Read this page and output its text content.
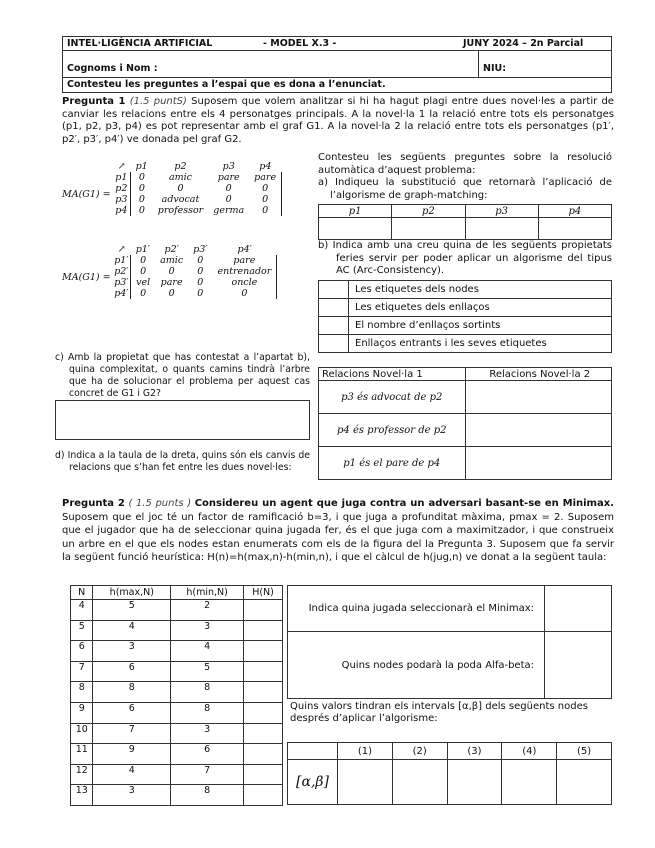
INTEL·LIGÈNCIA ARTIFICIAL	- MODEL X.3 -	JUNY 2024 – 2n Parcial
Cognoms i Nom :	NIU:
Contesteu les preguntes a l’espai que es dona a l’enunciat.
Pregunta 1 (1.5 puntS) Suposem que volem analitzar si hi ha hagut plagi entre dues novel·les a partir de canviar les relacions entre els 4 personatges principals. A la novel·la 1 la relació entre tots els personatges (p1, p2, p3, p4) es pot representar amb el graf G1. A la novel·la 2 la relació entre tots els personatges (p1′, p2′, p3′, p4′) ve donada pel graf G2.
MA(G1) =
↗	p1	p2	p3	p4
p1	0	amic	pare	pare
p2	0	0	0	0
p3	0	advocat	0	0
p4	0	professor	germa	0
MA(G1) =
↗	p1′	p2′	p3′	p4′
p1′	0	amic	0	pare
p2′	0	0	0	entrenador
p3′	vel	pare	0	oncle
p4′	0	0	0	0
Contesteu les següents preguntes sobre la resolució automàtica d’aquest problema:
a) Indiqueu la substitució que retornarà l’aplicació de l’algorisme de graph-matching:
p1	p2	p3	p4

b) Indica amb una creu quina de les següents propietats feries servir per poder aplicar un algorisme del tipus AC (Arc-Consistency).
	Les etiquetes dels nodes
	Les etiquetes dels enllaços
	El nombre d’enllaços sortints
	Enllaços entrants i les seves etiquetes
c) Amb la propietat que has contestat a l’apartat b), quina complexitat, o quants camins tindrà l’arbre que ha de solucionar el problema per aquest cas concret de G1 i G2?
d) Indica a la taula de la dreta, quins són els canvis de relacions que s’han fet entre les dues novel·les:
Relacions Novel·la 1	Relacions Novel·la 2
p3 és advocat de p2	
p4 és professor de p2	
p1 és el pare de p4	
Pregunta 2 ( 1.5 punts ) Considereu un agent que juga contra un adversari basant-se en Minimax. Suposem que el joc té un factor de ramificació b=3, i que juga a profunditat màxima, pmax = 2. Suposem que el jugador que ha de seleccionar quina jugada fer, és el que juga com a maximitzador, i que construeix un arbre en el que els nodes estan enumerats com els de la figura del la Pregunta 3. Suposem que fa servir la següent funció heurística: H(n)=h(max,n)-h(min,n), i que el càlcul de h(jug,n) ve donat a la següent taula:
N	h(max,N)	h(min,N)	H(N)
4	5	2	
5	4	3	
6	3	4	
7	6	5	
8	8	8	
9	6	8	
10	7	3	
11	9	6	
12	4	7	
13	3	8	
Indica quina jugada seleccionarà el Minimax:	
Quins nodes podarà la poda Alfa-beta:	
Quins valors tindran els intervals [α,β] dels següents nodes després d’aplicar l’algorisme:
	(1)	(2)	(3)	(4)	(5)
[α,β]					
